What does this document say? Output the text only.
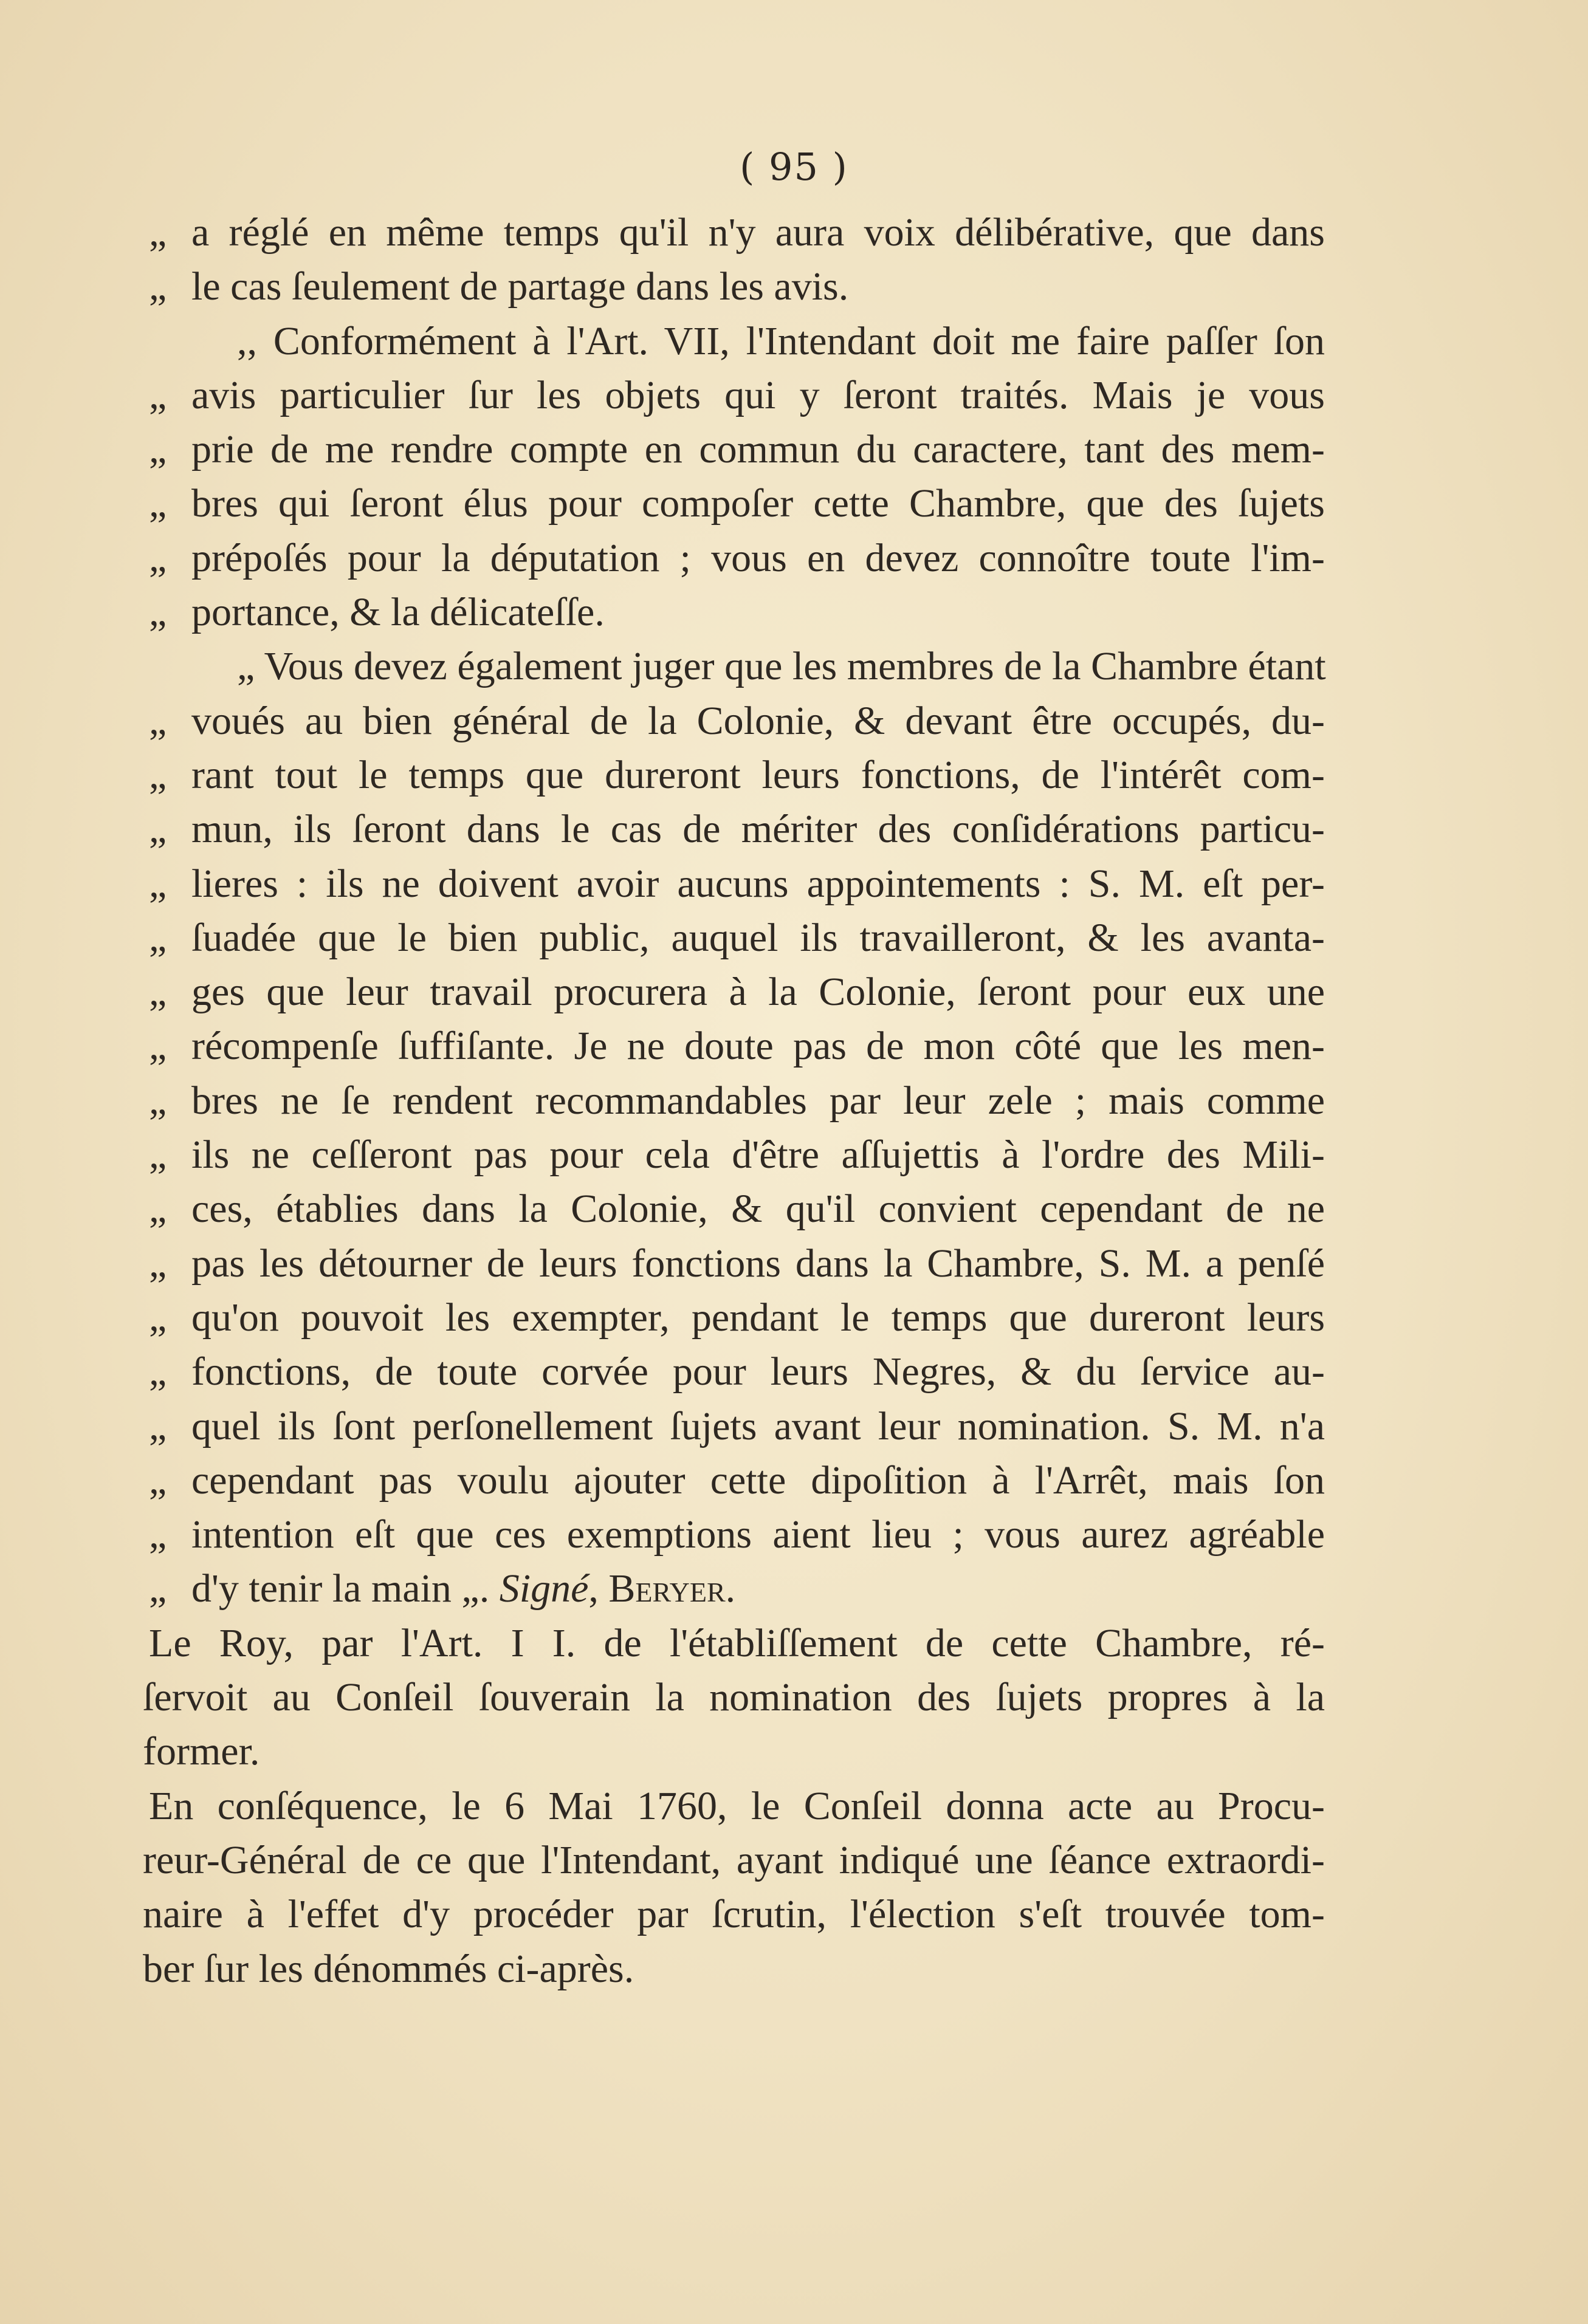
( 95 )
„ a réglé en même temps qu'il n'y aura voix délibérative, que dans
„ le cas ſeulement de partage dans les avis.
,, Conformément à l'Art. VII, l'Intendant doit me faire paſſer ſon
„ avis particulier ſur les objets qui y ſeront traités. Mais je vous
„ prie de me rendre compte en commun du caractere, tant des mem-
„ bres qui ſeront élus pour compoſer cette Chambre, que des ſujets
„ prépoſés pour la députation ; vous en devez connoître toute l'im-
„ portance, & la délicateſſe.
„ Vous devez également juger que les membres de la Chambre étant
„ voués au bien général de la Colonie, & devant être occupés, du-
„ rant tout le temps que dureront leurs fonctions, de l'intérêt com-
„ mun, ils ſeront dans le cas de mériter des conſidérations particu-
„ lieres : ils ne doivent avoir aucuns appointements : S. M. eſt per-
„ ſuadée que le bien public, auquel ils travailleront, & les avanta-
„ ges que leur travail procurera à la Colonie, ſeront pour eux une
„ récompenſe ſuffiſante. Je ne doute pas de mon côté que les men-
„ bres ne ſe rendent recommandables par leur zele ; mais comme
„ ils ne ceſſeront pas pour cela d'être aſſujettis à l'ordre des Mili-
„ ces, établies dans la Colonie, & qu'il convient cependant de ne
„ pas les détourner de leurs fonctions dans la Chambre, S. M. a penſé
„ qu'on pouvoit les exempter, pendant le temps que dureront leurs
„ fonctions, de toute corvée pour leurs Negres, & du ſervice au-
„ quel ils ſont perſonellement ſujets avant leur nomination. S. M. n'a
„ cependant pas voulu ajouter cette dipoſition à l'Arrêt, mais ſon
„ intention eſt que ces exemptions aient lieu ; vous aurez agréable
„ d'y tenir la main „. Signé, Beryer.
Le Roy, par l'Art. I I. de l'établiſſement de cette Chambre, ré-
ſervoit au Conſeil ſouverain la nomination des ſujets propres à la
former.
En conſéquence, le 6 Mai 1760, le Conſeil donna acte au Procu-
reur-Général de ce que l'Intendant, ayant indiqué une ſéance extraordi-
naire à l'effet d'y procéder par ſcrutin, l'élection s'eſt trouvée tom-
ber ſur les dénommés ci-après.
